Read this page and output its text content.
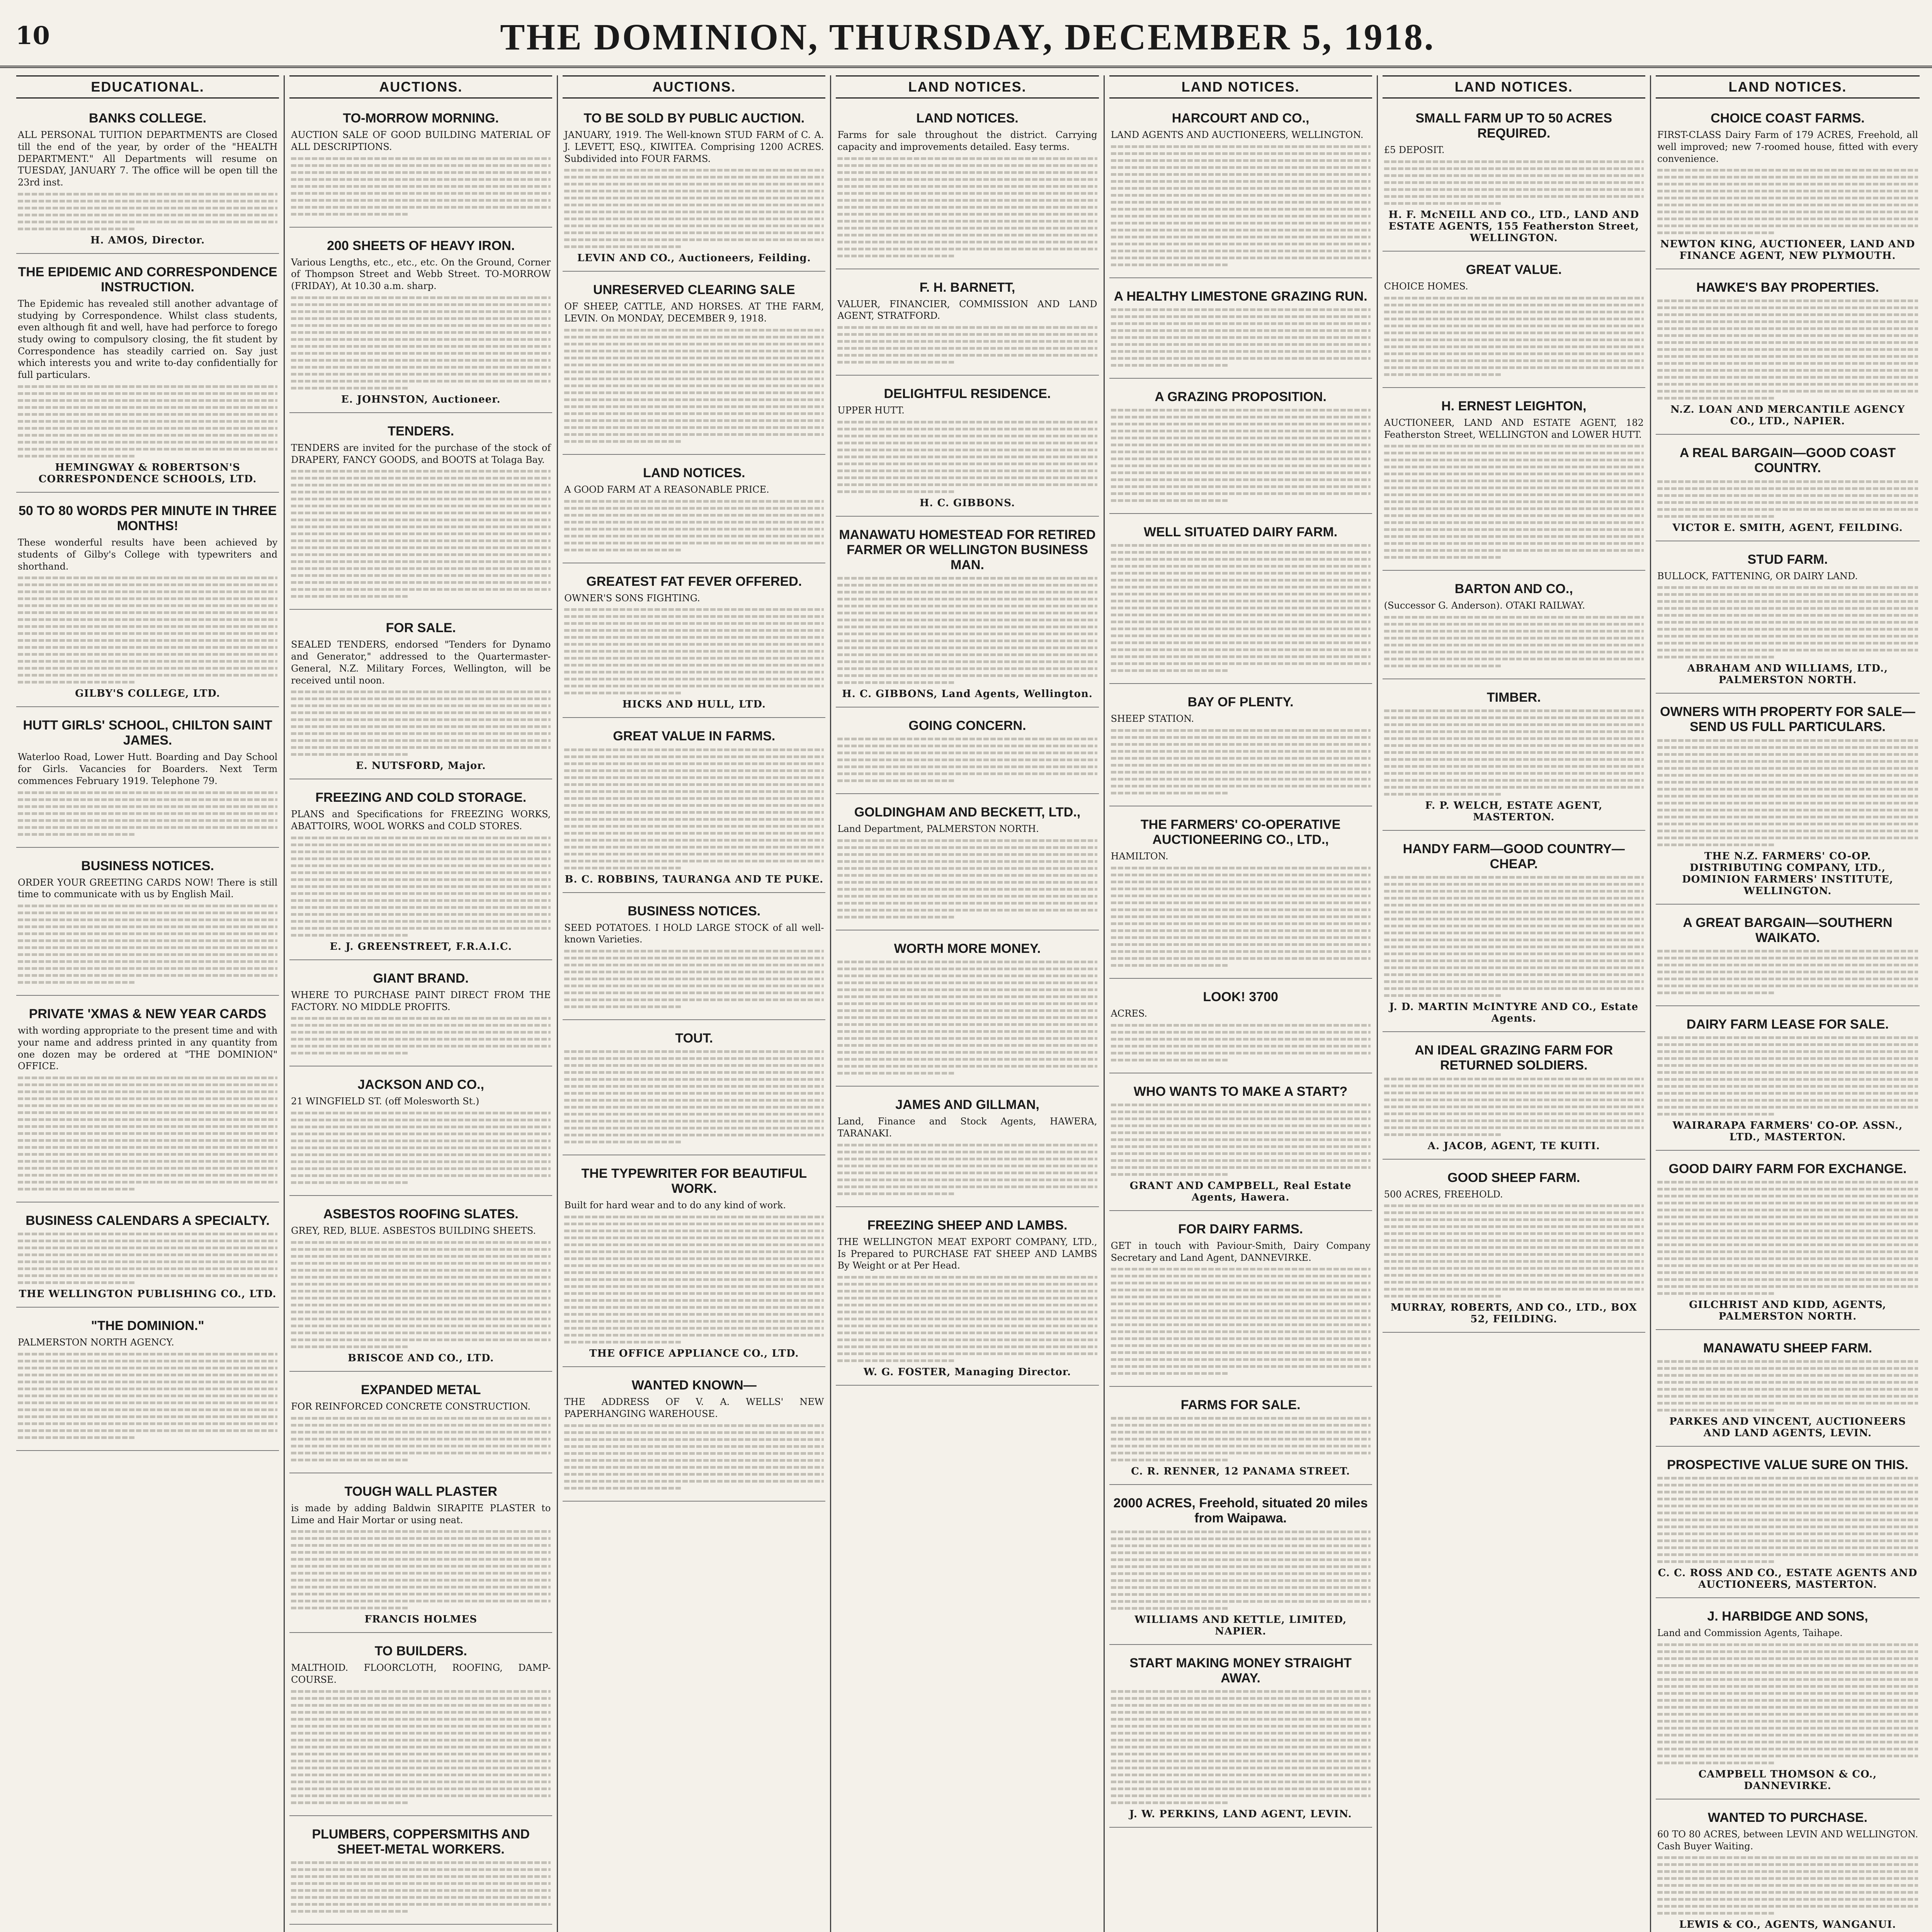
10	THE DOMINION, THURSDAY, DECEMBER 5, 1918.
EDUCATIONAL.
BANKS COLLEGE.
ALL PERSONAL TUITION DEPARTMENTS are Closed till the end of the year, by order of the "HEALTH DEPARTMENT." All Departments will resume on TUESDAY, JANUARY 7. The office will be open till the 23rd inst.
H. AMOS, Director.
THE EPIDEMIC AND CORRESPONDENCE INSTRUCTION.
The Epidemic has revealed still another advantage of studying by Correspondence. Whilst class students, even although fit and well, have had perforce to forego study owing to compulsory closing, the fit student by Correspondence has steadily carried on. Say just which interests you and write to-day confidentially for full particulars.
HEMINGWAY & ROBERTSON'S CORRESPONDENCE SCHOOLS, LTD.
50 TO 80 WORDS PER MINUTE IN THREE MONTHS!
These wonderful results have been achieved by students of Gilby's College with typewriters and shorthand.
GILBY'S COLLEGE, LTD.
HUTT GIRLS' SCHOOL, CHILTON SAINT JAMES.
Waterloo Road, Lower Hutt. Boarding and Day School for Girls. Vacancies for Boarders. Next Term commences February 1919. Telephone 79.
BUSINESS NOTICES.
ORDER YOUR GREETING CARDS NOW! There is still time to communicate with us by English Mail.
PRIVATE 'XMAS & NEW YEAR CARDS
with wording appropriate to the present time and with your name and address printed in any quantity from one dozen may be ordered at "THE DOMINION" OFFICE.
BUSINESS CALENDARS A SPECIALTY.
THE WELLINGTON PUBLISHING CO., LTD.
"THE DOMINION."
PALMERSTON NORTH AGENCY.
AUCTIONS.
TO-MORROW MORNING.
AUCTION SALE OF GOOD BUILDING MATERIAL OF ALL DESCRIPTIONS.
200 SHEETS OF HEAVY IRON.
Various Lengths, etc., etc., etc. On the Ground, Corner of Thompson Street and Webb Street. TO-MORROW (FRIDAY), At 10.30 a.m. sharp.
E. JOHNSTON, Auctioneer.
TENDERS.
TENDERS are invited for the purchase of the stock of DRAPERY, FANCY GOODS, and BOOTS at Tolaga Bay.
FOR SALE.
SEALED TENDERS, endorsed "Tenders for Dynamo and Generator," addressed to the Quartermaster-General, N.Z. Military Forces, Wellington, will be received until noon.
E. NUTSFORD, Major.
FREEZING AND COLD STORAGE.
PLANS and Specifications for FREEZING WORKS, ABATTOIRS, WOOL WORKS and COLD STORES.
E. J. GREENSTREET, F.R.A.I.C.
GIANT BRAND.
WHERE TO PURCHASE PAINT DIRECT FROM THE FACTORY. NO MIDDLE PROFITS.
JACKSON AND CO.,
21 WINGFIELD ST. (off Molesworth St.)
ASBESTOS ROOFING SLATES.
GREY, RED, BLUE. ASBESTOS BUILDING SHEETS.
BRISCOE AND CO., LTD.
EXPANDED METAL
FOR REINFORCED CONCRETE CONSTRUCTION.
TOUGH WALL PLASTER
is made by adding Baldwin SIRAPITE PLASTER to Lime and Hair Mortar or using neat.
FRANCIS HOLMES
TO BUILDERS.
MALTHOID. FLOORCLOTH, ROOFING, DAMP-COURSE.
PLUMBERS, COPPERSMITHS AND SHEET-METAL WORKERS.
AUCTIONS.
TO BE SOLD BY PUBLIC AUCTION.
JANUARY, 1919. The Well-known STUD FARM of C. A. J. LEVETT, ESQ., KIWITEA. Comprising 1200 ACRES. Subdivided into FOUR FARMS.
LEVIN AND CO., Auctioneers, Feilding.
UNRESERVED CLEARING SALE
OF SHEEP, CATTLE, AND HORSES. AT THE FARM, LEVIN. On MONDAY, DECEMBER 9, 1918.
LAND NOTICES.
A GOOD FARM AT A REASONABLE PRICE.
GREATEST FAT FEVER OFFERED.
OWNER'S SONS FIGHTING.
HICKS AND HULL, LTD.
GREAT VALUE IN FARMS.
B. C. ROBBINS, TAURANGA AND TE PUKE.
BUSINESS NOTICES.
SEED POTATOES. I HOLD LARGE STOCK of all well-known Varieties.
TOUT.
THE TYPEWRITER FOR BEAUTIFUL WORK.
Built for hard wear and to do any kind of work.
THE OFFICE APPLIANCE CO., LTD.
WANTED KNOWN—
THE ADDRESS OF V. A. WELLS' NEW PAPERHANGING WAREHOUSE.
LAND NOTICES.
LAND NOTICES.
Farms for sale throughout the district. Carrying capacity and improvements detailed. Easy terms.
F. H. BARNETT,
VALUER, FINANCIER, COMMISSION AND LAND AGENT, STRATFORD.
DELIGHTFUL RESIDENCE.
UPPER HUTT.
H. C. GIBBONS.
MANAWATU HOMESTEAD FOR RETIRED FARMER OR WELLINGTON BUSINESS MAN.
H. C. GIBBONS, Land Agents, Wellington.
GOING CONCERN.
GOLDINGHAM AND BECKETT, LTD.,
Land Department, PALMERSTON NORTH.
WORTH MORE MONEY.
JAMES AND GILLMAN,
Land, Finance and Stock Agents, HAWERA, TARANAKI.
FREEZING SHEEP AND LAMBS.
THE WELLINGTON MEAT EXPORT COMPANY, LTD., Is Prepared to PURCHASE FAT SHEEP AND LAMBS By Weight or at Per Head.
W. G. FOSTER, Managing Director.
LAND NOTICES.
HARCOURT AND CO.,
LAND AGENTS AND AUCTIONEERS, WELLINGTON.
A HEALTHY LIMESTONE GRAZING RUN.
A GRAZING PROPOSITION.
WELL SITUATED DAIRY FARM.
BAY OF PLENTY.
SHEEP STATION.
THE FARMERS' CO-OPERATIVE AUCTIONEERING CO., LTD.,
HAMILTON.
LOOK! 3700
ACRES.
WHO WANTS TO MAKE A START?
GRANT AND CAMPBELL, Real Estate Agents, Hawera.
FOR DAIRY FARMS.
GET in touch with Paviour-Smith, Dairy Company Secretary and Land Agent, DANNEVIRKE.
FARMS FOR SALE.
C. R. RENNER, 12 PANAMA STREET.
2000 ACRES, Freehold, situated 20 miles from Waipawa.
WILLIAMS AND KETTLE, LIMITED, NAPIER.
START MAKING MONEY STRAIGHT AWAY.
J. W. PERKINS, LAND AGENT, LEVIN.
LAND NOTICES.
SMALL FARM UP TO 50 ACRES REQUIRED.
£5 DEPOSIT.
H. F. McNEILL AND CO., LTD., LAND AND ESTATE AGENTS, 155 Featherston Street, WELLINGTON.
GREAT VALUE.
CHOICE HOMES.
H. ERNEST LEIGHTON,
AUCTIONEER, LAND AND ESTATE AGENT, 182 Featherston Street, WELLINGTON and LOWER HUTT.
BARTON AND CO.,
(Successor G. Anderson). OTAKI RAILWAY.
TIMBER.
F. P. WELCH, ESTATE AGENT, MASTERTON.
HANDY FARM—GOOD COUNTRY—CHEAP.
J. D. MARTIN McINTYRE AND CO., Estate Agents.
AN IDEAL GRAZING FARM FOR RETURNED SOLDIERS.
A. JACOB, AGENT, TE KUITI.
GOOD SHEEP FARM.
500 ACRES, FREEHOLD.
MURRAY, ROBERTS, AND CO., LTD., BOX 52, FEILDING.
LAND NOTICES.
CHOICE COAST FARMS.
FIRST-CLASS Dairy Farm of 179 ACRES, Freehold, all well improved; new 7-roomed house, fitted with every convenience.
NEWTON KING, AUCTIONEER, LAND AND FINANCE AGENT, NEW PLYMOUTH.
HAWKE'S BAY PROPERTIES.
N.Z. LOAN AND MERCANTILE AGENCY CO., LTD., NAPIER.
A REAL BARGAIN—GOOD COAST COUNTRY.
VICTOR E. SMITH, AGENT, FEILDING.
STUD FARM.
BULLOCK, FATTENING, OR DAIRY LAND.
ABRAHAM AND WILLIAMS, LTD., PALMERSTON NORTH.
OWNERS WITH PROPERTY FOR SALE—SEND US FULL PARTICULARS.
THE N.Z. FARMERS' CO-OP. DISTRIBUTING COMPANY, LTD., DOMINION FARMERS' INSTITUTE, WELLINGTON.
A GREAT BARGAIN—SOUTHERN WAIKATO.
DAIRY FARM LEASE FOR SALE.
WAIRARAPA FARMERS' CO-OP. ASSN., LTD., MASTERTON.
GOOD DAIRY FARM FOR EXCHANGE.
GILCHRIST AND KIDD, AGENTS, PALMERSTON NORTH.
MANAWATU SHEEP FARM.
PARKES AND VINCENT, AUCTIONEERS AND LAND AGENTS, LEVIN.
PROSPECTIVE VALUE SURE ON THIS.
C. C. ROSS AND CO., ESTATE AGENTS AND AUCTIONEERS, MASTERTON.
J. HARBIDGE AND SONS,
Land and Commission Agents, Taihape.
CAMPBELL THOMSON & CO., DANNEVIRKE.
WANTED TO PURCHASE.
60 TO 80 ACRES, between LEVIN AND WELLINGTON. Cash Buyer Waiting.
LEWIS & CO., AGENTS, WANGANUI.
